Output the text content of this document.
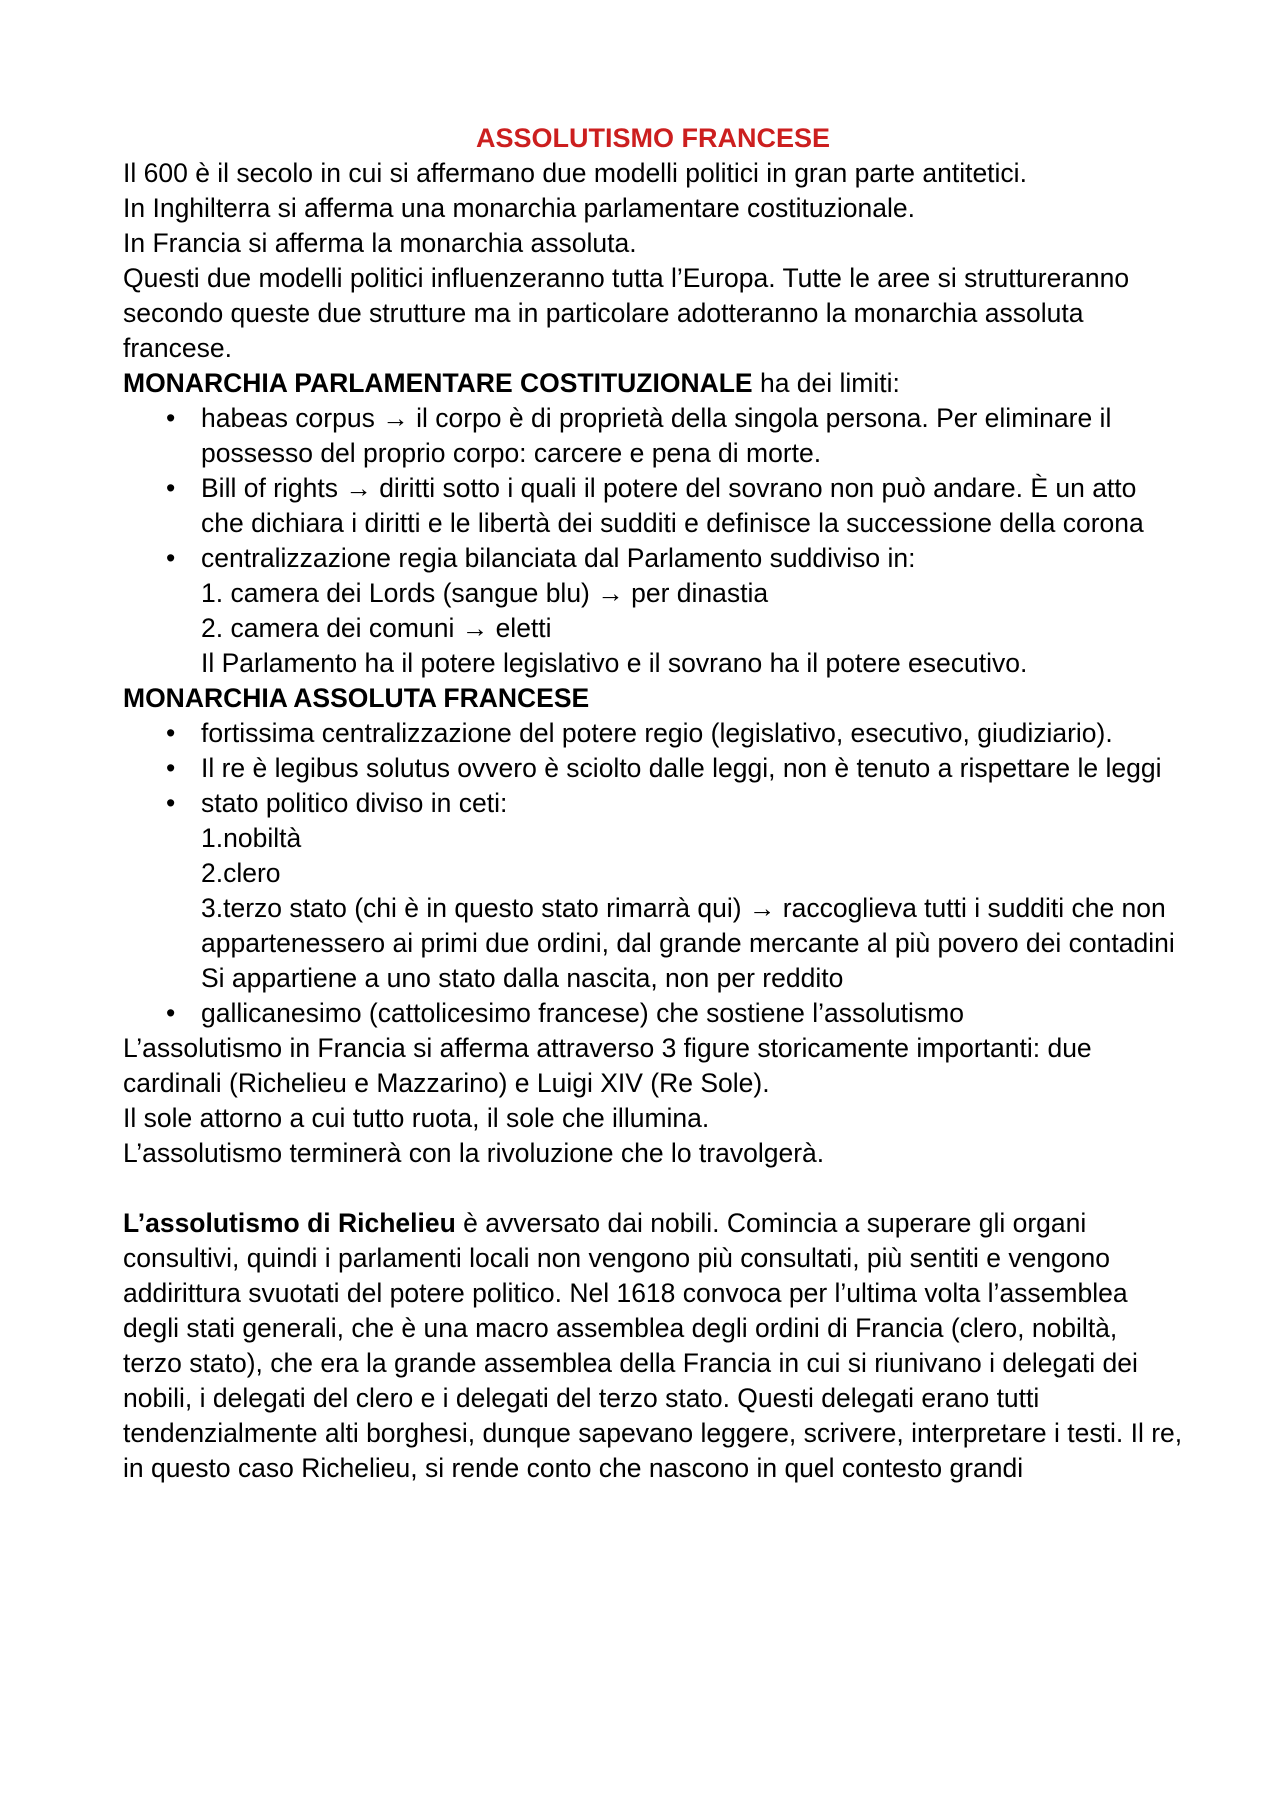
ASSOLUTISMO FRANCESE

Il 600 è il secolo in cui si affermano due modelli politici in gran parte antitetici.

In Inghilterra si afferma una monarchia parlamentare costituzionale.

In Francia si afferma la monarchia assoluta.

Questi due modelli politici influenzeranno tutta l’Europa. Tutte le aree si struttureranno secondo queste due strutture ma in particolare adotteranno la monarchia assoluta francese.

MONARCHIA PARLAMENTARE COSTITUZIONALE ha dei limiti:

• habeas corpus → il corpo è di proprietà della singola persona. Per eliminare il possesso del proprio corpo: carcere e pena di morte.
• Bill of rights → diritti sotto i quali il potere del sovrano non può andare. È un atto che dichiara i diritti e le libertà dei sudditi e definisce la successione della corona
• centralizzazione regia bilanciata dal Parlamento suddiviso in:
1. camera dei Lords (sangue blu) → per dinastia
2. camera dei comuni → eletti
Il Parlamento ha il potere legislativo e il sovrano ha il potere esecutivo.

MONARCHIA ASSOLUTA FRANCESE

• fortissima centralizzazione del potere regio (legislativo, esecutivo, giudiziario).
• Il re è legibus solutus ovvero è sciolto dalle leggi, non è tenuto a rispettare le leggi
• stato politico diviso in ceti:
1.nobiltà
2.clero
3.terzo stato (chi è in questo stato rimarrà qui) → raccoglieva tutti i sudditi che non appartenessero ai primi due ordini, dal grande mercante al più povero dei contadini
Si appartiene a uno stato dalla nascita, non per reddito
• gallicanesimo (cattolicesimo francese) che sostiene l’assolutismo

L’assolutismo in Francia si afferma attraverso 3 figure storicamente importanti: due cardinali (Richelieu e Mazzarino) e Luigi XIV (Re Sole).

Il sole attorno a cui tutto ruota, il sole che illumina.

L’assolutismo terminerà con la rivoluzione che lo travolgerà.

L’assolutismo di Richelieu è avversato dai nobili. Comincia a superare gli organi consultivi, quindi i parlamenti locali non vengono più consultati, più sentiti e vengono addirittura svuotati del potere politico. Nel 1618 convoca per l’ultima volta l’assemblea degli stati generali, che è una macro assemblea degli ordini di Francia (clero, nobiltà, terzo stato), che era la grande assemblea della Francia in cui si riunivano i delegati dei nobili, i delegati del clero e i delegati del terzo stato. Questi delegati erano tutti tendenzialmente alti borghesi, dunque sapevano leggere, scrivere, interpretare i testi. Il re, in questo caso Richelieu, si rende conto che nascono in quel contesto grandi
